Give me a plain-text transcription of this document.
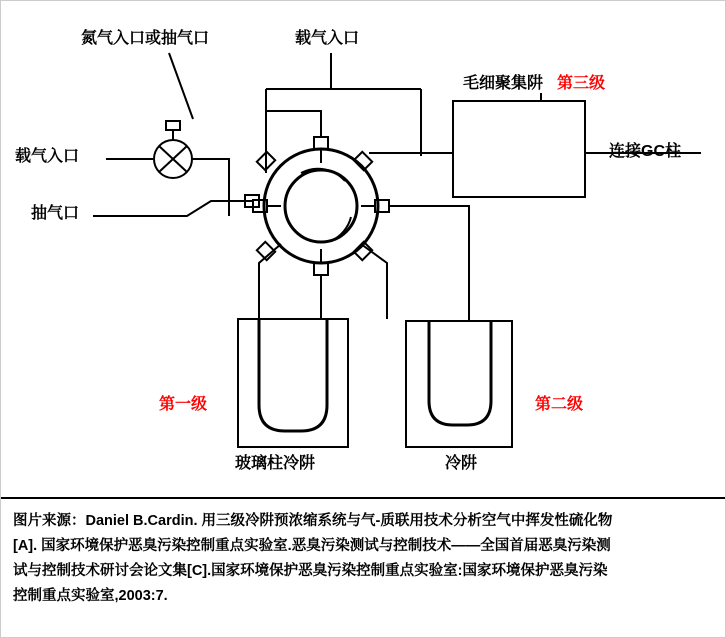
氮气入口或抽气口	载气入口
毛细聚集阱 第三级
载气入口	连接GC柱
抽气口
第一级	第二级
玻璃柱冷阱	冷阱
图片来源：Daniel B.Cardin. 用三级冷阱预浓缩系统与气-质联用技术分析空气中挥发性硫化物
[A]. 国家环境保护恶臭污染控制重点实验室.恶臭污染测试与控制技术——全国首届恶臭污染测
试与控制技术研讨会论文集[C].国家环境保护恶臭污染控制重点实验室:国家环境保护恶臭污染
控制重点实验室,2003:7.
